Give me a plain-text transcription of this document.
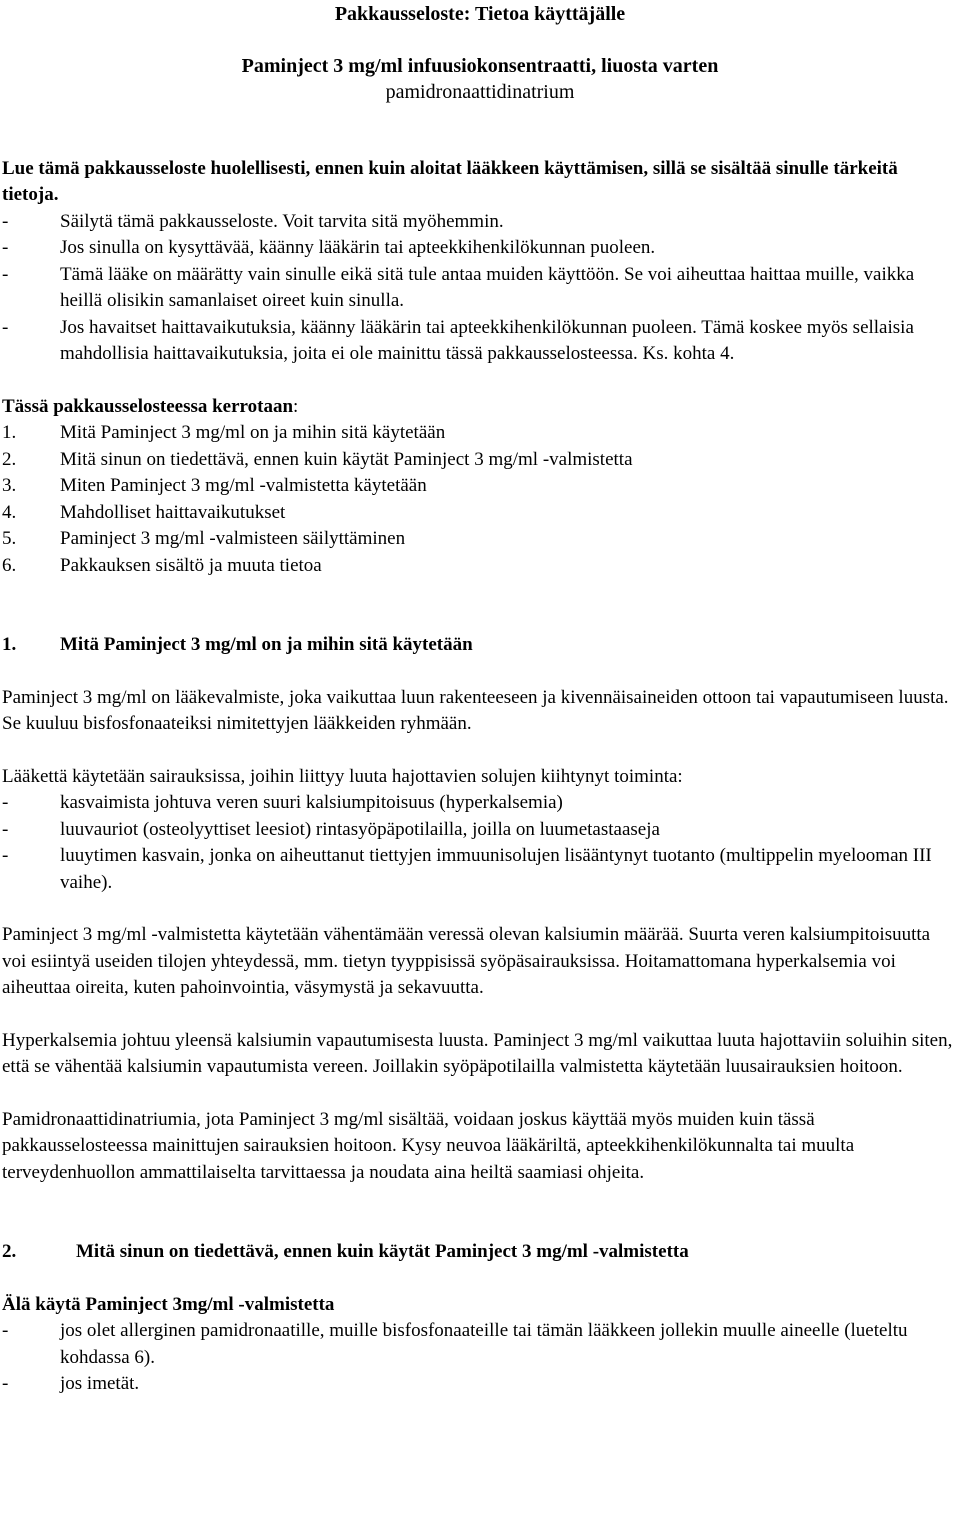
Pakkausseloste: Tietoa käyttäjälle
Paminject 3 mg/ml infuusiokonsentraatti, liuosta varten
pamidronaattidinatrium
Lue tämä pakkausseloste huolellisesti, ennen kuin aloitat lääkkeen käyttämisen, sillä se sisältää sinulle tärkeitä tietoja.
- Säilytä tämä pakkausseloste. Voit tarvita sitä myöhemmin.
- Jos sinulla on kysyttävää, käänny lääkärin tai apteekkihenkilökunnan puoleen.
- Tämä lääke on määrätty vain sinulle eikä sitä tule antaa muiden käyttöön. Se voi aiheuttaa haittaa muille, vaikka heillä olisikin samanlaiset oireet kuin sinulla.
- Jos havaitset haittavaikutuksia, käänny lääkärin tai apteekkihenkilökunnan puoleen. Tämä koskee myös sellaisia mahdollisia haittavaikutuksia, joita ei ole mainittu tässä pakkausselosteessa. Ks. kohta 4.
Tässä pakkausselosteessa kerrotaan:
1. Mitä Paminject 3 mg/ml on ja mihin sitä käytetään
2. Mitä sinun on tiedettävä, ennen kuin käytät Paminject 3 mg/ml -valmistetta
3. Miten Paminject 3 mg/ml -valmistetta käytetään
4. Mahdolliset haittavaikutukset
5. Paminject 3 mg/ml -valmisteen säilyttäminen
6. Pakkauksen sisältö ja muuta tietoa
1. Mitä Paminject 3 mg/ml on ja mihin sitä käytetään
Paminject 3 mg/ml on lääkevalmiste, joka vaikuttaa luun rakenteeseen ja kivennäisaineiden ottoon tai vapautumiseen luusta. Se kuuluu bisfosfonaateiksi nimitettyjen lääkkeiden ryhmään.
Lääkettä käytetään sairauksissa, joihin liittyy luuta hajottavien solujen kiihtynyt toiminta:
- kasvaimista johtuva veren suuri kalsiumpitoisuus (hyperkalsemia)
- luuvauriot (osteolyyttiset leesiot) rintasyöpäpotilailla, joilla on luumetastaaseja
- luuytimen kasvain, jonka on aiheuttanut tiettyjen immuunisolujen lisääntynyt tuotanto (multippelin myelooman III vaihe).
Paminject 3 mg/ml -valmistetta käytetään vähentämään veressä olevan kalsiumin määrää. Suurta veren kalsiumpitoisuutta voi esiintyä useiden tilojen yhteydessä, mm. tietyn tyyppisissä syöpäsairauksissa. Hoitamattomana hyperkalsemia voi aiheuttaa oireita, kuten pahoinvointia, väsymystä ja sekavuutta.
Hyperkalsemia johtuu yleensä kalsiumin vapautumisesta luusta. Paminject 3 mg/ml vaikuttaa luuta hajottaviin soluihin siten, että se vähentää kalsiumin vapautumista vereen. Joillakin syöpäpotilailla valmistetta käytetään luusairauksien hoitoon.
Pamidronaattidinatriumia, jota Paminject 3 mg/ml sisältää, voidaan joskus käyttää myös muiden kuin tässä pakkausselosteessa mainittujen sairauksien hoitoon. Kysy neuvoa lääkäriltä, apteekkihenkilökunnalta tai muulta terveydenhuollon ammattilaiselta tarvittaessa ja noudata aina heiltä saamiasi ohjeita.
2.	Mitä sinun on tiedettävä, ennen kuin käytät Paminject 3 mg/ml -valmistetta
Älä käytä Paminject 3mg/ml -valmistetta
- jos olet allerginen pamidronaatille, muille bisfosfonaateille tai tämän lääkkeen jollekin muulle aineelle (lueteltu kohdassa 6).
- jos imetät.
